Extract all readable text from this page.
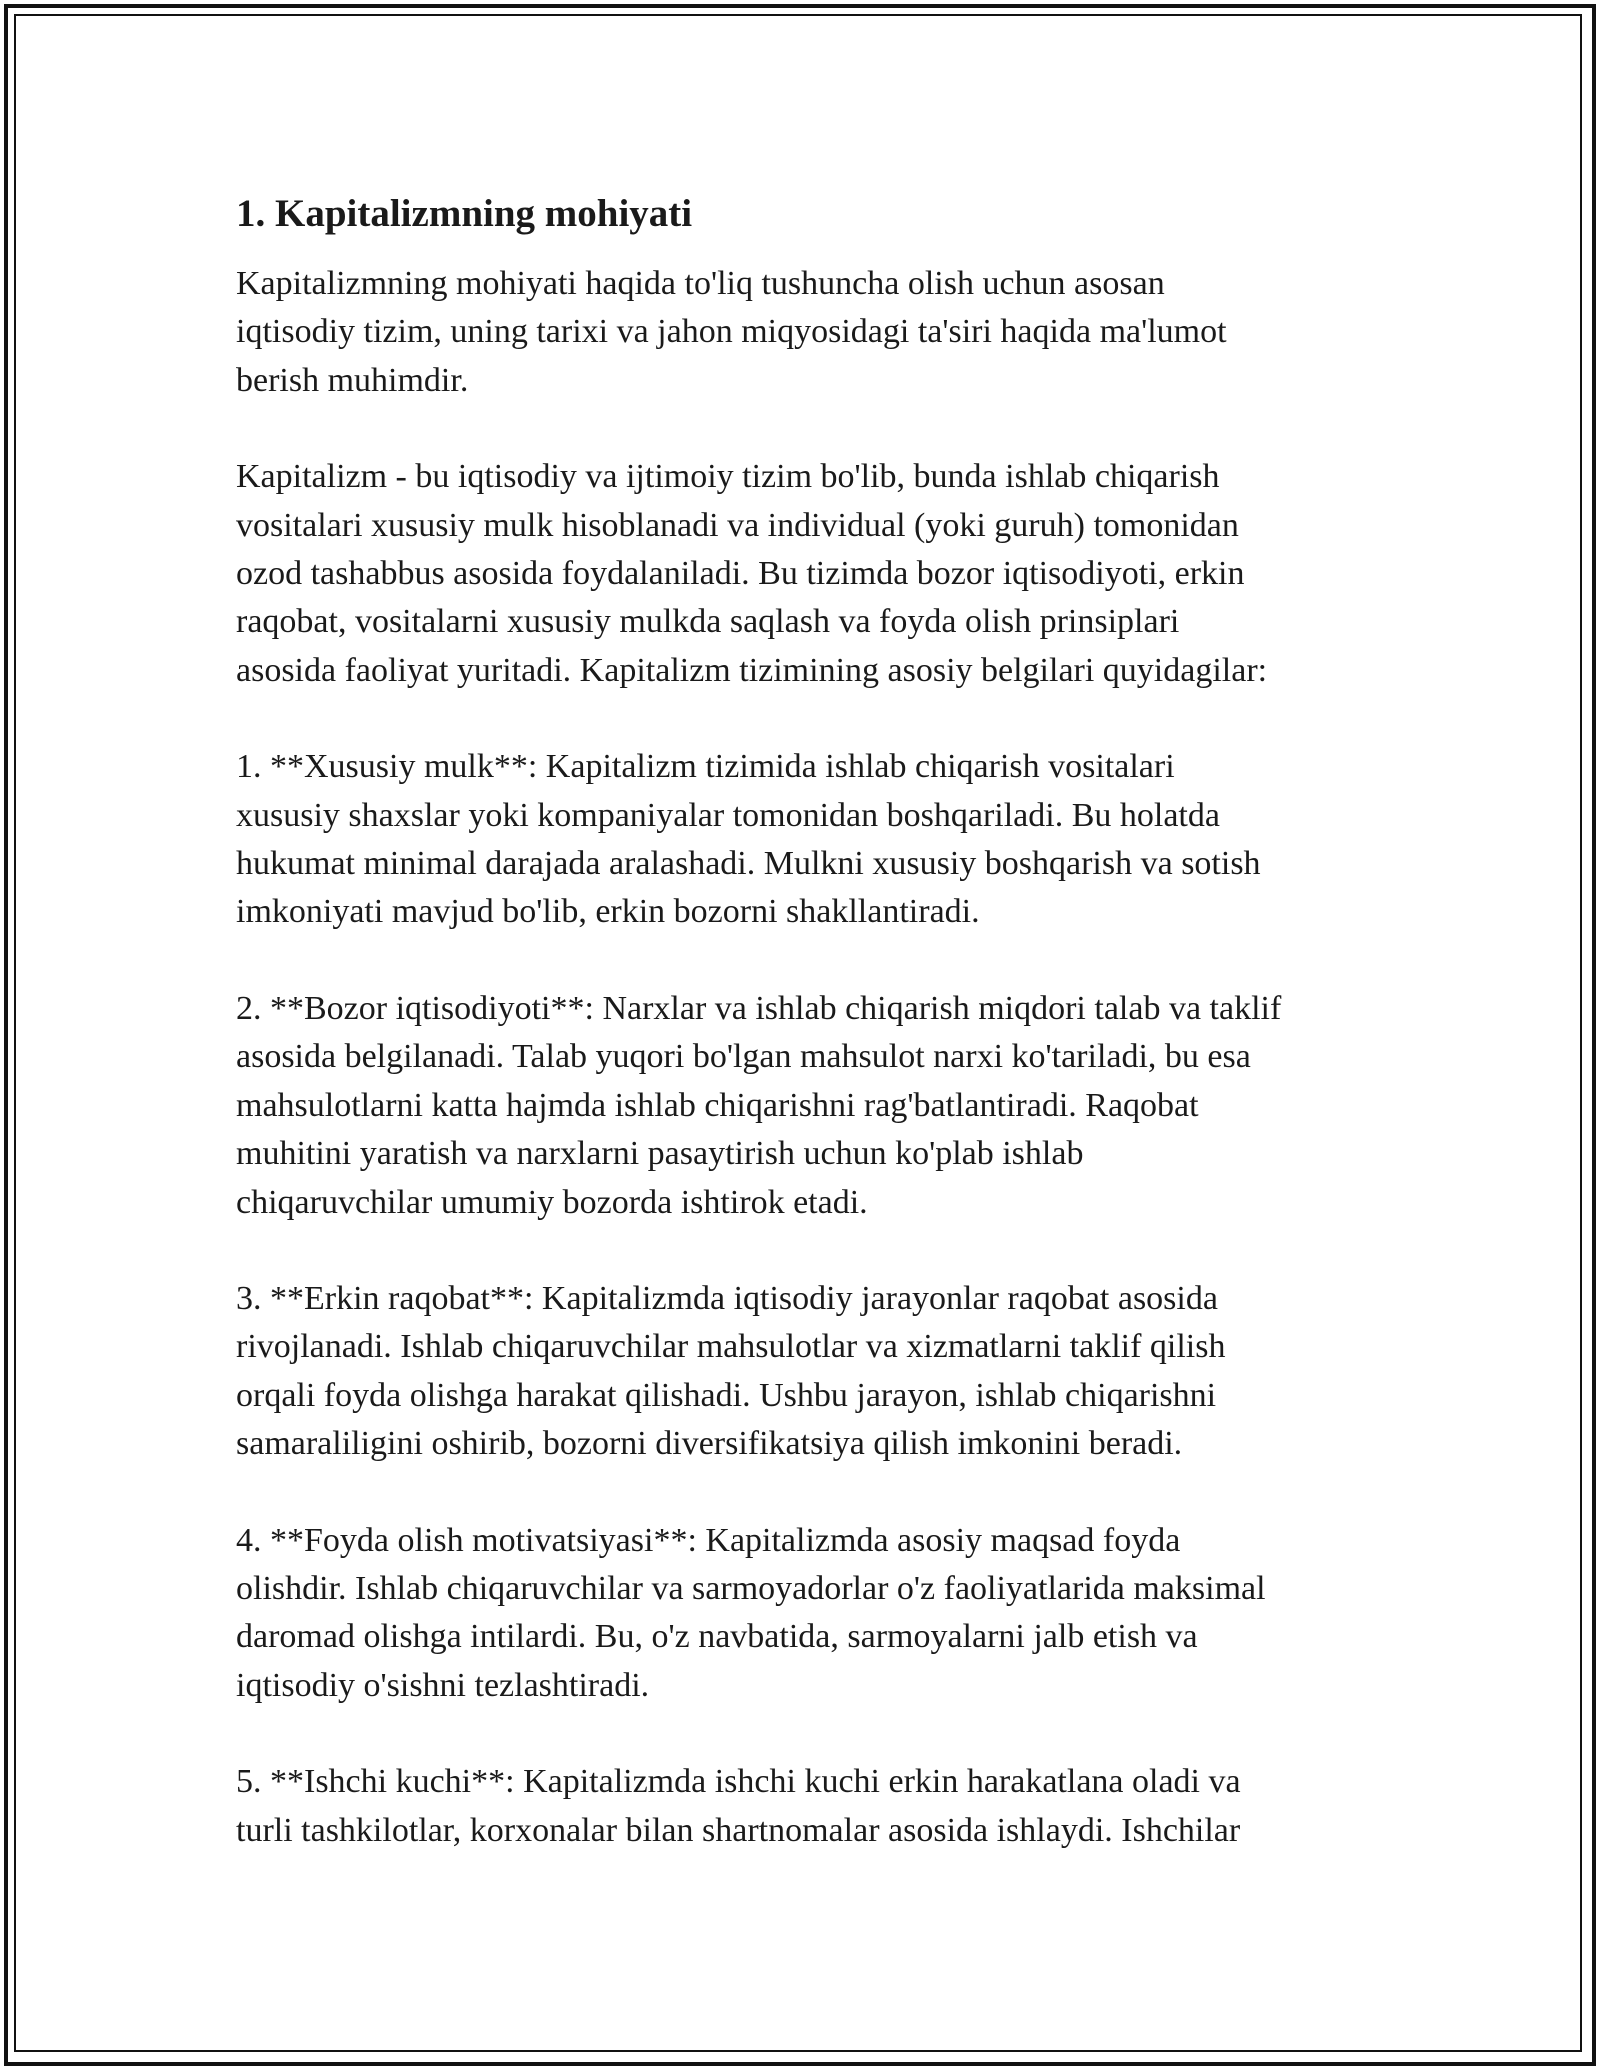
1. Kapitalizmning mohiyati

Kapitalizmning mohiyati haqida to'liq tushuncha olish uchun asosan
iqtisodiy tizim, uning tarixi va jahon miqyosidagi ta'siri haqida ma'lumot
berish muhimdir.

Kapitalizm - bu iqtisodiy va ijtimoiy tizim bo'lib, bunda ishlab chiqarish
vositalari xususiy mulk hisoblanadi va individual (yoki guruh) tomonidan
ozod tashabbus asosida foydalaniladi. Bu tizimda bozor iqtisodiyoti, erkin
raqobat, vositalarni xususiy mulkda saqlash va foyda olish prinsiplari
asosida faoliyat yuritadi. Kapitalizm tizimining asosiy belgilari quyidagilar:

1. **Xususiy mulk**: Kapitalizm tizimida ishlab chiqarish vositalari
xususiy shaxslar yoki kompaniyalar tomonidan boshqariladi. Bu holatda
hukumat minimal darajada aralashadi. Mulkni xususiy boshqarish va sotish
imkoniyati mavjud bo'lib, erkin bozorni shakllantiradi.

2. **Bozor iqtisodiyoti**: Narxlar va ishlab chiqarish miqdori talab va taklif
asosida belgilanadi. Talab yuqori bo'lgan mahsulot narxi ko'tariladi, bu esa
mahsulotlarni katta hajmda ishlab chiqarishni rag'batlantiradi. Raqobat
muhitini yaratish va narxlarni pasaytirish uchun ko'plab ishlab
chiqaruvchilar umumiy bozorda ishtirok etadi.

3. **Erkin raqobat**: Kapitalizmda iqtisodiy jarayonlar raqobat asosida
rivojlanadi. Ishlab chiqaruvchilar mahsulotlar va xizmatlarni taklif qilish
orqali foyda olishga harakat qilishadi. Ushbu jarayon, ishlab chiqarishni
samaraliligini oshirib, bozorni diversifikatsiya qilish imkonini beradi.

4. **Foyda olish motivatsiyasi**: Kapitalizmda asosiy maqsad foyda
olishdir. Ishlab chiqaruvchilar va sarmoyadorlar o'z faoliyatlarida maksimal
daromad olishga intilardi. Bu, o'z navbatida, sarmoyalarni jalb etish va
iqtisodiy o'sishni tezlashtiradi.

5. **Ishchi kuchi**: Kapitalizmda ishchi kuchi erkin harakatlana oladi va
turli tashkilotlar, korxonalar bilan shartnomalar asosida ishlaydi. Ishchilar
